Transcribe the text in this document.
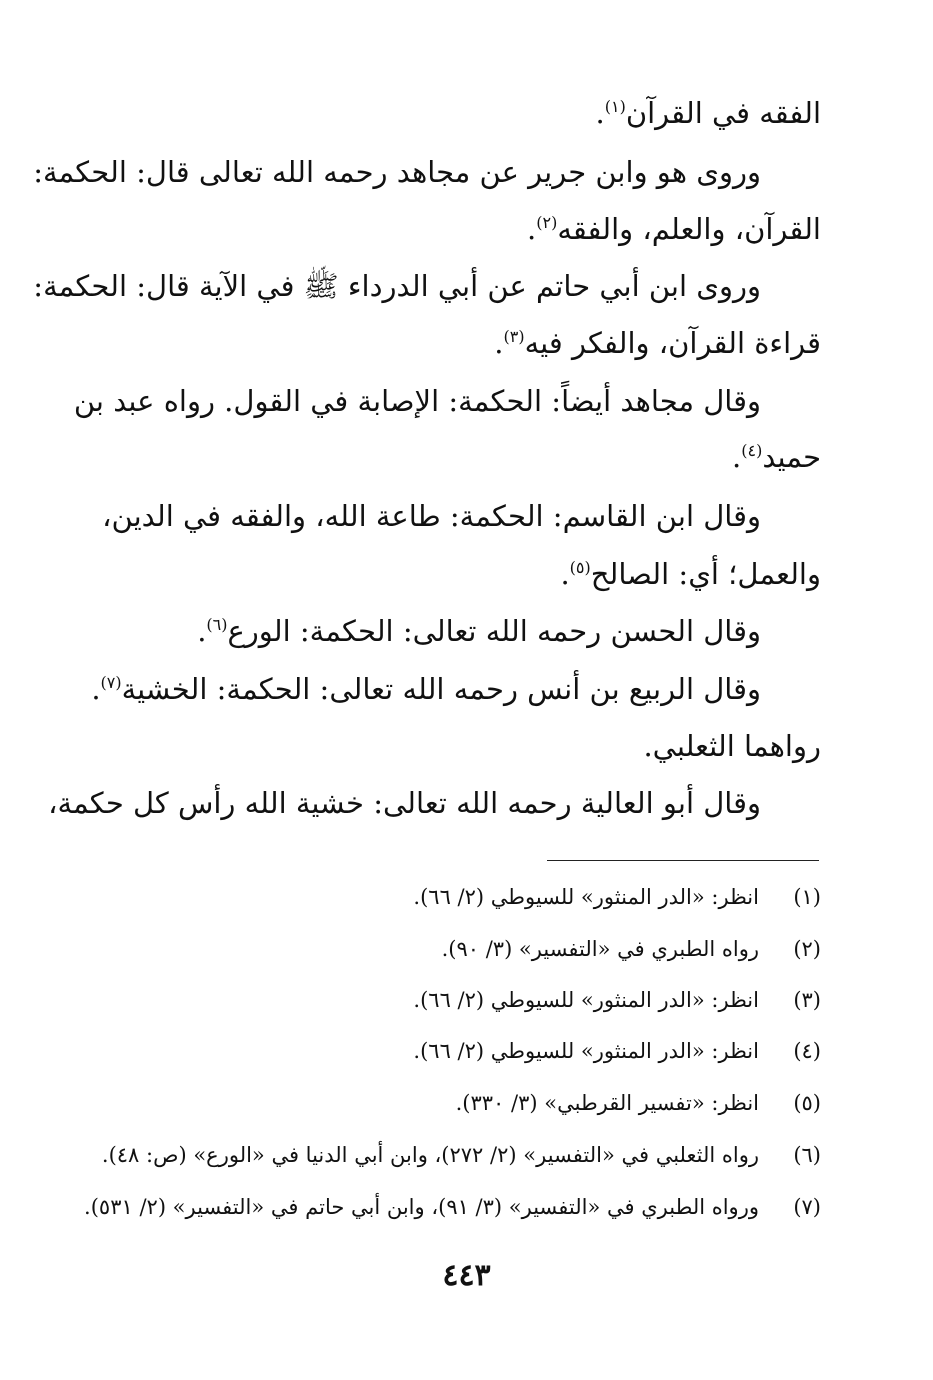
الفقه في القرآن$^{(١)}$.
وروى هو وابن جرير عن مجاهد رحمه الله تعالى قال: الحكمة:
القرآن، والعلم، والفقه$^{(٢)}$.
وروى ابن أبي حاتم عن أبي الدرداء ﷺ في الآية قال: الحكمة:
قراءة القرآن، والفكر فيه$^{(٣)}$.
وقال مجاهد أيضاً: الحكمة: الإصابة في القول. رواه عبد بن
حميد$^{(٤)}$.
وقال ابن القاسم: الحكمة: طاعة الله، والفقه في الدين،
والعمل؛ أي: الصالح$^{(٥)}$.
وقال الحسن رحمه الله تعالى: الحكمة: الورع$^{(٦)}$.
وقال الربيع بن أنس رحمه الله تعالى: الحكمة: الخشية$^{(٧)}$.
رواهما الثعلبي.
وقال أبو العالية رحمه الله تعالى: خشية الله رأس كل حكمة،
(١)انظر: «الدر المنثور» للسيوطي (٢/ ٦٦).
(٢)رواه الطبري في «التفسير» (٣/ ٩٠).
(٣)انظر: «الدر المنثور» للسيوطي (٢/ ٦٦).
(٤)انظر: «الدر المنثور» للسيوطي (٢/ ٦٦).
(٥)انظر: «تفسير القرطبي» (٣/ ٣٣٠).
(٦)رواه الثعلبي في «التفسير» (٢/ ٢٧٢)، وابن أبي الدنيا في «الورع» (ص: ٤٨).
(٧)ورواه الطبري في «التفسير» (٣/ ٩١)، وابن أبي حاتم في «التفسير» (٢/ ٥٣١).
٤٤٣
